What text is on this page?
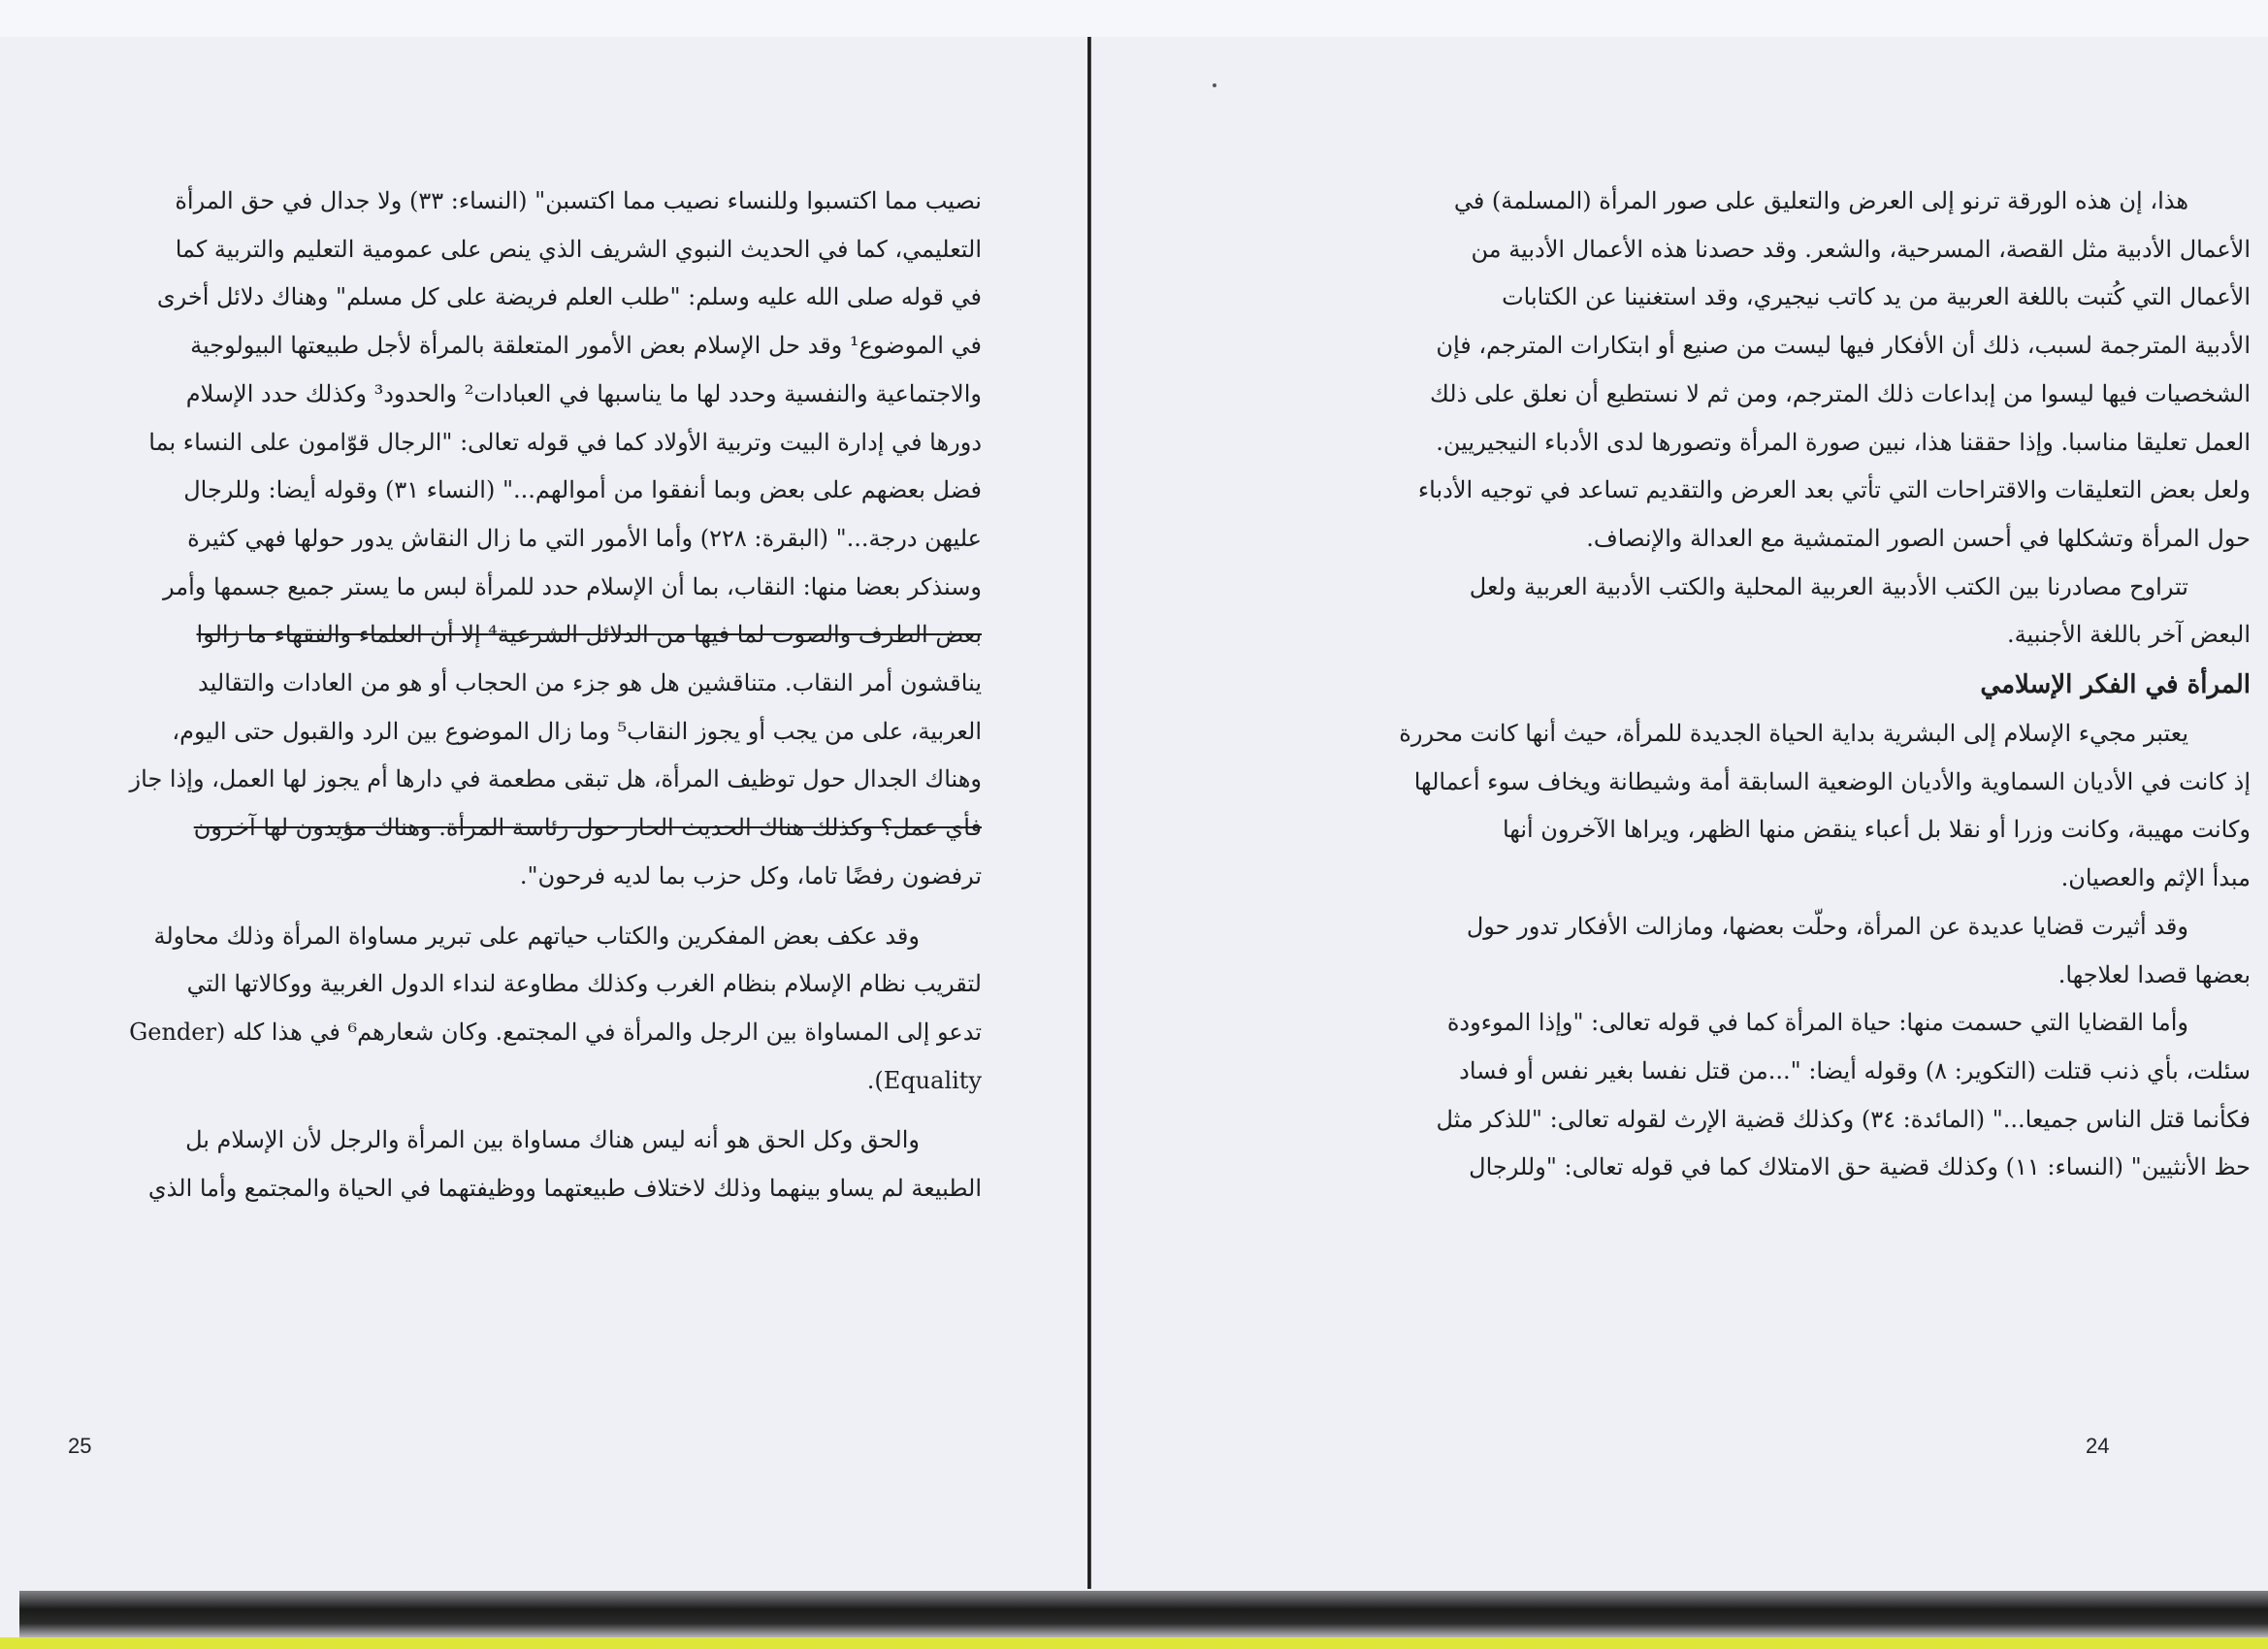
نصيب مما اكتسبوا وللنساء نصيب مما اكتسبن" (النساء: ٣٣) ولا جدال في حق المرأة

التعليمي، كما في الحديث النبوي الشريف الذي ينص على عمومية التعليم والتربية كما

في قوله صلى الله عليه وسلم: "طلب العلم فريضة على كل مسلم" وهناك دلائل أخرى

في الموضوع¹ وقد حل الإسلام بعض الأمور المتعلقة بالمرأة لأجل طبيعتها البيولوجية

والاجتماعية والنفسية وحدد لها ما يناسبها في العبادات² والحدود³ وكذلك حدد الإسلام

دورها في إدارة البيت وتربية الأولاد كما في قوله تعالى: "الرجال قوّامون على النساء بما

فضل بعضهم على بعض وبما أنفقوا من أموالهم..." (النساء ٣١) وقوله أيضا: وللرجال

عليهن درجة..." (البقرة: ٢٢٨) وأما الأمور التي ما زال النقاش يدور حولها فهي كثيرة

وسنذكر بعضا منها: النقاب، بما أن الإسلام حدد للمرأة لبس ما يستر جميع جسمها وأمر

بعض الطرف والصوت لما فيها من الدلائل الشرعية⁴ إلا أن العلماء والفقهاء ما زالوا

يناقشون أمر النقاب. متناقشين هل هو جزء من الحجاب أو هو من العادات والتقاليد

العربية، على من يجب أو يجوز النقاب⁵ وما زال الموضوع بين الرد والقبول حتى اليوم،

وهناك الجدال حول توظيف المرأة، هل تبقى مطعمة في دارها أم يجوز لها العمل، وإذا جاز

فأي عمل؟ وكذلك هناك الحديث الحار حول رئاسة المرأة. وهناك مؤيدون لها آخرون

ترفضون رفضًا تاما، وكل حزب بما لديه فرحون".

وقد عكف بعض المفكرين والكتاب حياتهم على تبرير مساواة المرأة وذلك محاولة

لتقريب نظام الإسلام بنظام الغرب وكذلك مطاوعة لنداء الدول الغربية ووكالاتها التي

تدعو إلى المساواة بين الرجل والمرأة في المجتمع. وكان شعارهم⁶ في هذا كله (Gender

Equality).

والحق وكل الحق هو أنه ليس هناك مساواة بين المرأة والرجل لأن الإسلام بل

الطبيعة لم يساو بينهما وذلك لاختلاف طبيعتهما ووظيفتهما في الحياة والمجتمع وأما الذي

25

هذا، إن هذه الورقة ترنو إلى العرض والتعليق على صور المرأة (المسلمة) في

الأعمال الأدبية مثل القصة، المسرحية، والشعر. وقد حصدنا هذه الأعمال الأدبية من

الأعمال التي كُتبت باللغة العربية من يد كاتب نيجيري، وقد استغنينا عن الكتابات

الأدبية المترجمة لسبب، ذلك أن الأفكار فيها ليست من صنيع أو ابتكارات المترجم، فإن

الشخصيات فيها ليسوا من إبداعات ذلك المترجم، ومن ثم لا نستطيع أن نعلق على ذلك

العمل تعليقا مناسبا. وإذا حققنا هذا، نبين صورة المرأة وتصورها لدى الأدباء النيجيريين.

ولعل بعض التعليقات والاقتراحات التي تأتي بعد العرض والتقديم تساعد في توجيه الأدباء

حول المرأة وتشكلها في أحسن الصور المتمشية مع العدالة والإنصاف.

تتراوح مصادرنا بين الكتب الأدبية العربية المحلية والكتب الأدبية العربية ولعل

البعض آخر باللغة الأجنبية.

المرأة في الفكر الإسلامي

يعتبر مجيء الإسلام إلى البشرية بداية الحياة الجديدة للمرأة، حيث أنها كانت محررة

إذ كانت في الأديان السماوية والأديان الوضعية السابقة أمة وشيطانة ويخاف سوء أعمالها

وكانت مهيبة، وكانت وزرا أو نقلا بل أعباء ينقض منها الظهر، ويراها الآخرون أنها

مبدأ الإثم والعصيان.

وقد أثيرت قضايا عديدة عن المرأة، وحلّت بعضها، ومازالت الأفكار تدور حول

بعضها قصدا لعلاجها.

وأما القضايا التي حسمت منها: حياة المرأة كما في قوله تعالى: "وإذا الموءودة

سئلت، بأي ذنب قتلت (التكوير: ٨) وقوله أيضا: "...من قتل نفسا بغير نفس أو فساد

فكأنما قتل الناس جميعا..." (المائدة: ٣٤) وكذلك قضية الإرث لقوله تعالى: "للذكر مثل

حظ الأنثيين" (النساء: ١١) وكذلك قضية حق الامتلاك كما في قوله تعالى: "وللرجال

24
